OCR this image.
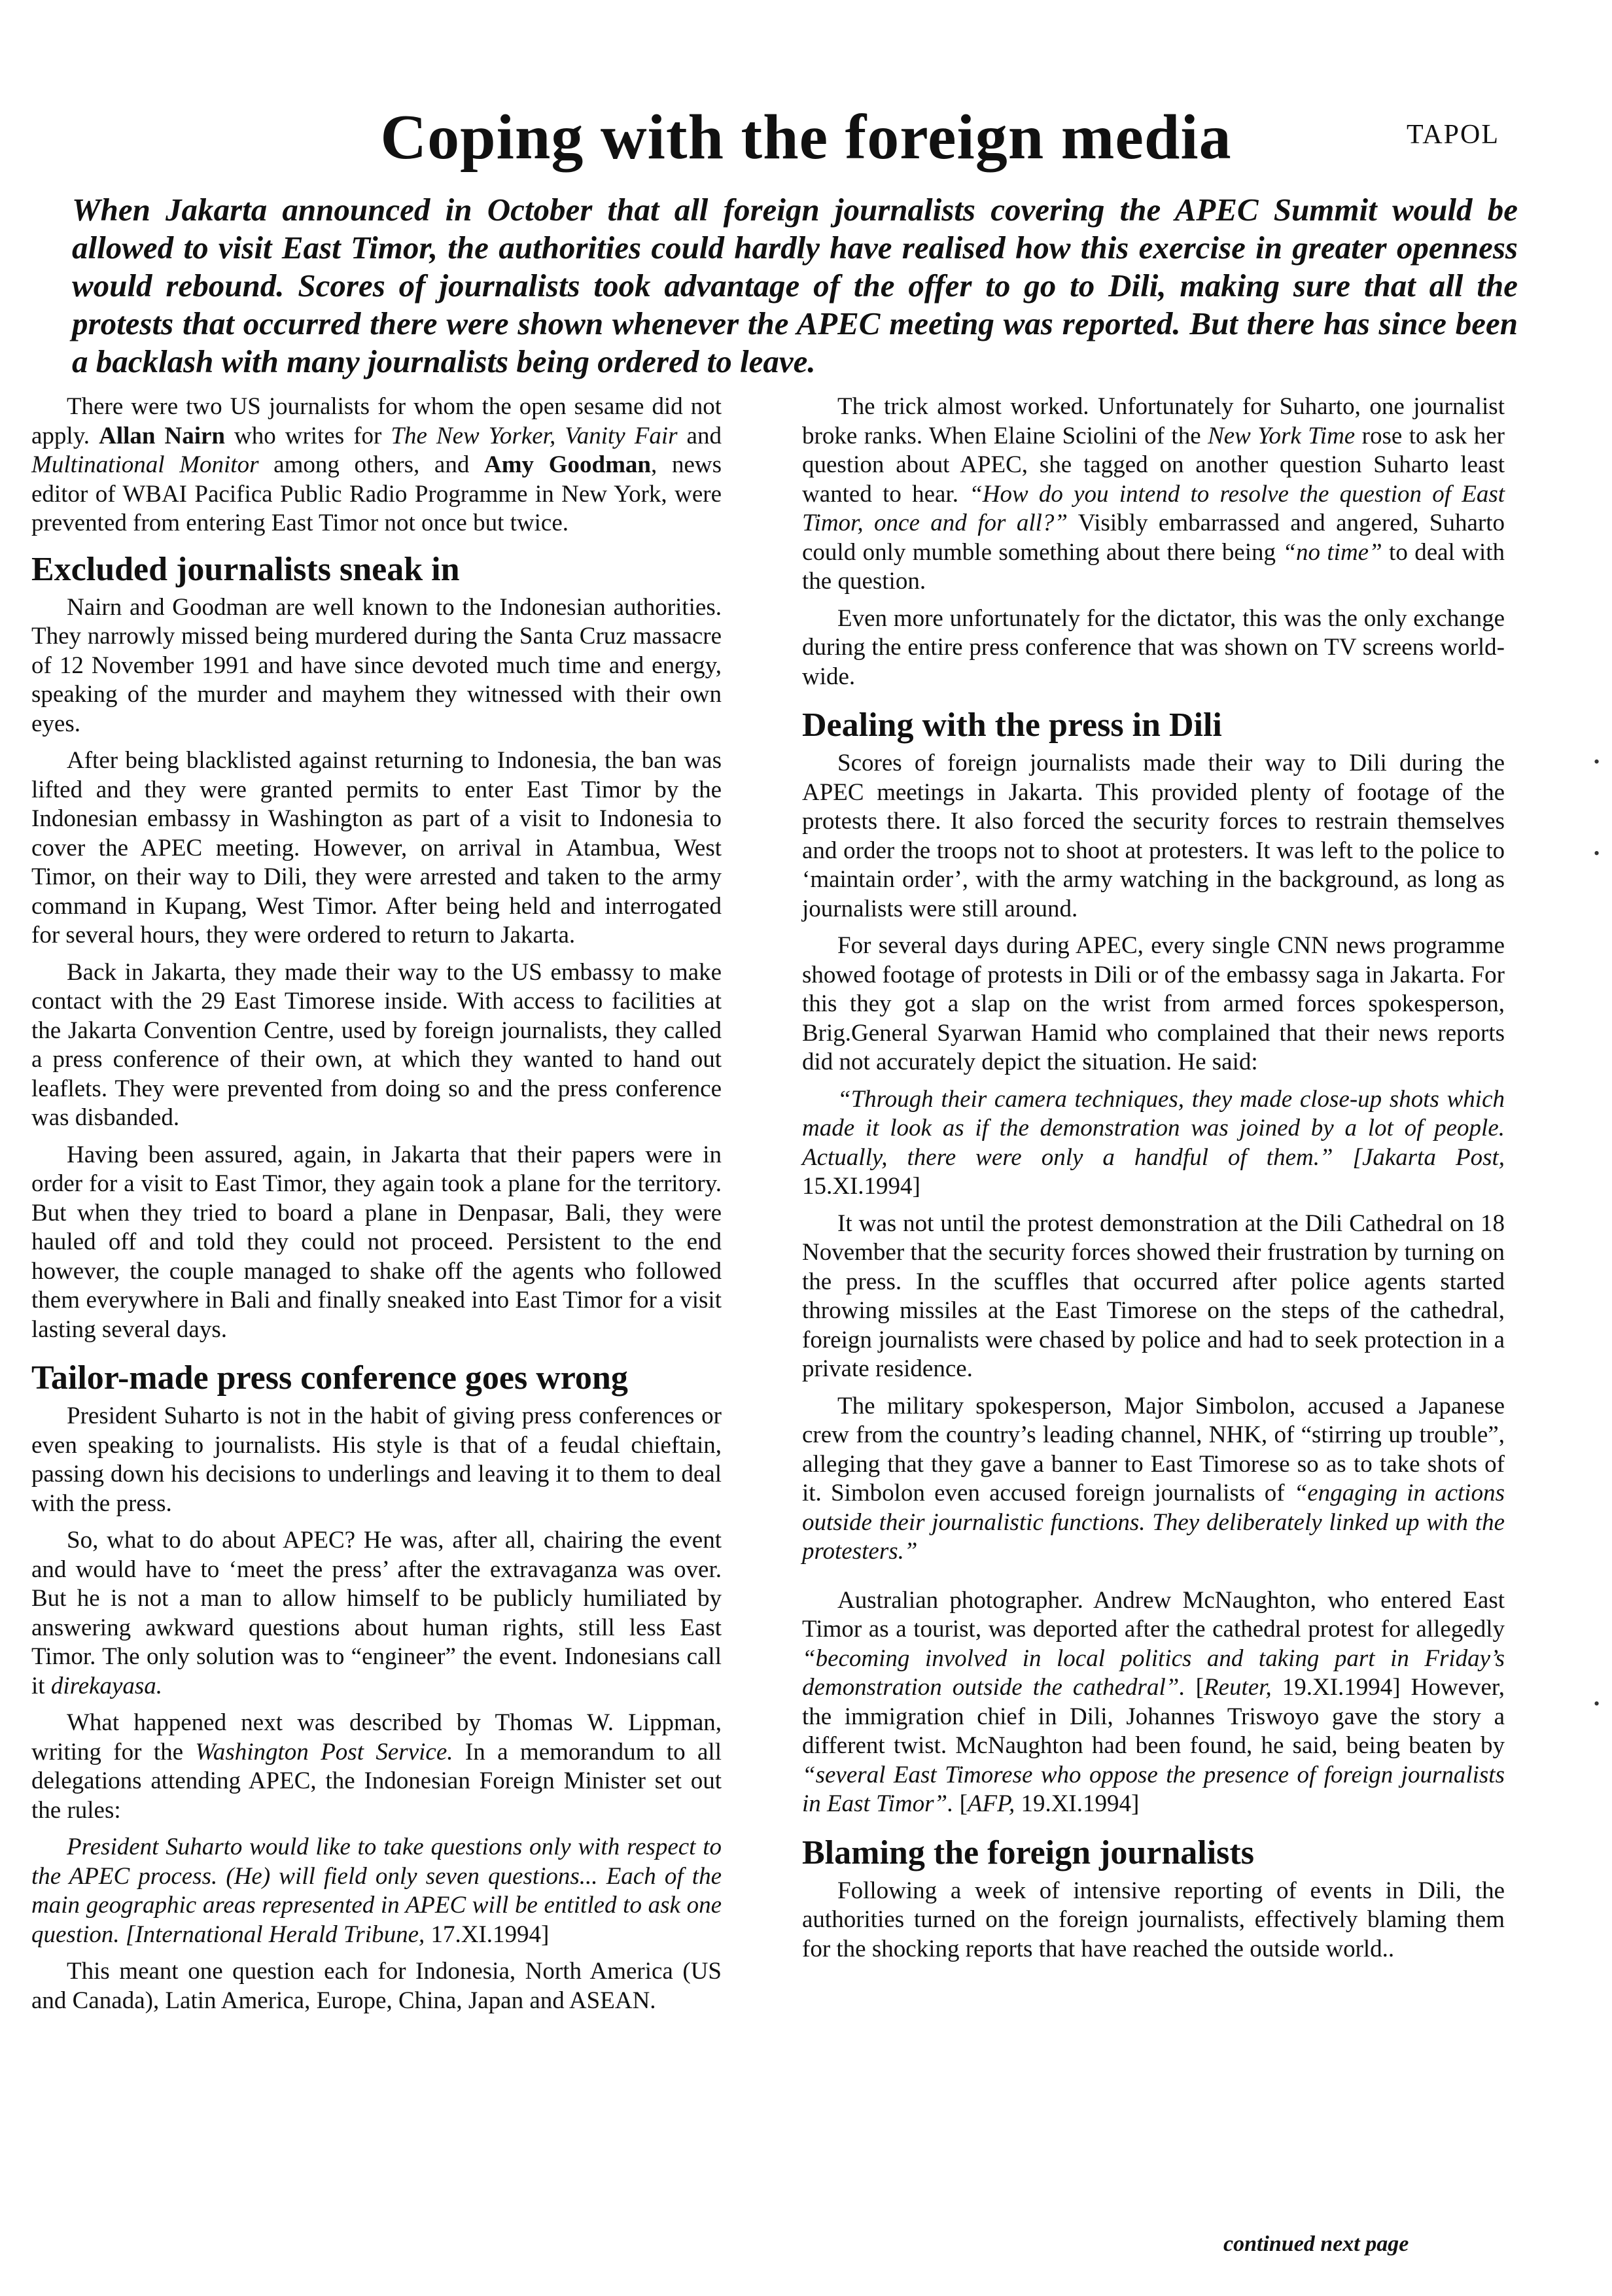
Coping with the foreign media	TAPOL
When Jakarta announced in October that all foreign journalists covering the APEC Summit would be allowed to visit East Timor, the authorities could hardly have realised how this exercise in greater openness would rebound. Scores of journalists took advantage of the offer to go to Dili, making sure that all the protests that occurred there were shown whenever the APEC meeting was reported. But there has since been a backlash with many journalists being ordered to leave.

There were two US journalists for whom the open sesame did not apply. Allan Nairn who writes for The New Yorker, Vanity Fair and Multinational Monitor among others, and Amy Goodman, news editor of WBAI Pacifica Public Radio Programme in New York, were prevented from entering East Timor not once but twice.

Excluded journalists sneak in

Nairn and Goodman are well known to the Indonesian authorities. They narrowly missed being murdered during the Santa Cruz massacre of 12 November 1991 and have since devoted much time and energy, speaking of the murder and mayhem they witnessed with their own eyes.

After being blacklisted against returning to Indonesia, the ban was lifted and they were granted permits to enter East Timor by the Indonesian embassy in Washington as part of a visit to Indonesia to cover the APEC meeting. However, on arrival in Atambua, West Timor, on their way to Dili, they were arrested and taken to the army command in Kupang, West Timor. After being held and interrogated for several hours, they were ordered to return to Jakarta.

Back in Jakarta, they made their way to the US embassy to make contact with the 29 East Timorese inside. With access to facilities at the Jakarta Convention Centre, used by foreign journalists, they called a press conference of their own, at which they wanted to hand out leaflets. They were prevented from doing so and the press conference was disbanded.

Having been assured, again, in Jakarta that their papers were in order for a visit to East Timor, they again took a plane for the territory. But when they tried to board a plane in Denpasar, Bali, they were hauled off and told they could not proceed. Persistent to the end however, the couple managed to shake off the agents who followed them everywhere in Bali and finally sneaked into East Timor for a visit lasting several days.

Tailor-made press conference goes wrong

President Suharto is not in the habit of giving press conferences or even speaking to journalists. His style is that of a feudal chieftain, passing down his decisions to underlings and leaving it to them to deal with the press.

So, what to do about APEC? He was, after all, chairing the event and would have to ‘meet the press’ after the extravaganza was over. But he is not a man to allow himself to be publicly humiliated by answering awkward questions about human rights, still less East Timor. The only solution was to “engineer” the event. Indonesians call it direkayasa.

What happened next was described by Thomas W. Lippman, writing for the Washington Post Service. In a memorandum to all delegations attending APEC, the Indonesian Foreign Minister set out the rules:

President Suharto would like to take questions only with respect to the APEC process. (He) will field only seven questions... Each of the main geographic areas represented in APEC will be entitled to ask one question. [International Herald Tribune, 17.XI.1994]

This meant one question each for Indonesia, North America (US and Canada), Latin America, Europe, China, Japan and ASEAN.

The trick almost worked. Unfortunately for Suharto, one journalist broke ranks. When Elaine Sciolini of the New York Time rose to ask her question about APEC, she tagged on another question Suharto least wanted to hear. “How do you intend to resolve the question of East Timor, once and for all?” Visibly embarrassed and angered, Suharto could only mumble something about there being “no time” to deal with the question.

Even more unfortunately for the dictator, this was the only exchange during the entire press conference that was shown on TV screens world-wide.

Dealing with the press in Dili

Scores of foreign journalists made their way to Dili during the APEC meetings in Jakarta. This provided plenty of footage of the protests there. It also forced the security forces to restrain themselves and order the troops not to shoot at protesters. It was left to the police to ‘maintain order’, with the army watching in the background, as long as journalists were still around.

For several days during APEC, every single CNN news programme showed footage of protests in Dili or of the embassy saga in Jakarta. For this they got a slap on the wrist from armed forces spokesperson, Brig.General Syarwan Hamid who complained that their news reports did not accurately depict the situation. He said:

“Through their camera techniques, they made close-up shots which made it look as if the demonstration was joined by a lot of people. Actually, there were only a handful of them.” [Jakarta Post, 15.XI.1994]

It was not until the protest demonstration at the Dili Cathedral on 18 November that the security forces showed their frustration by turning on the press. In the scuffles that occurred after police agents started throwing missiles at the East Timorese on the steps of the cathedral, foreign journalists were chased by police and had to seek protection in a private residence.

The military spokesperson, Major Simbolon, accused a Japanese crew from the country’s leading channel, NHK, of “stirring up trouble”, alleging that they gave a banner to East Timorese so as to take shots of it. Simbolon even accused foreign journalists of “engaging in actions outside their journalistic functions. They deliberately linked up with the protesters.”

Australian photographer. Andrew McNaughton, who entered East Timor as a tourist, was deported after the cathedral protest for allegedly “becoming involved in local politics and taking part in Friday’s demonstration outside the cathedral”. [Reuter, 19.XI.1994] However, the immigration chief in Dili, Johannes Triswoyo gave the story a different twist. McNaughton had been found, he said, being beaten by “several East Timorese who oppose the presence of foreign journalists in East Timor”. [AFP, 19.XI.1994]

Blaming the foreign journalists

Following a week of intensive reporting of events in Dili, the authorities turned on the foreign journalists, effectively blaming them for the shocking reports that have reached the outside world..

continued next page
•
•
•
